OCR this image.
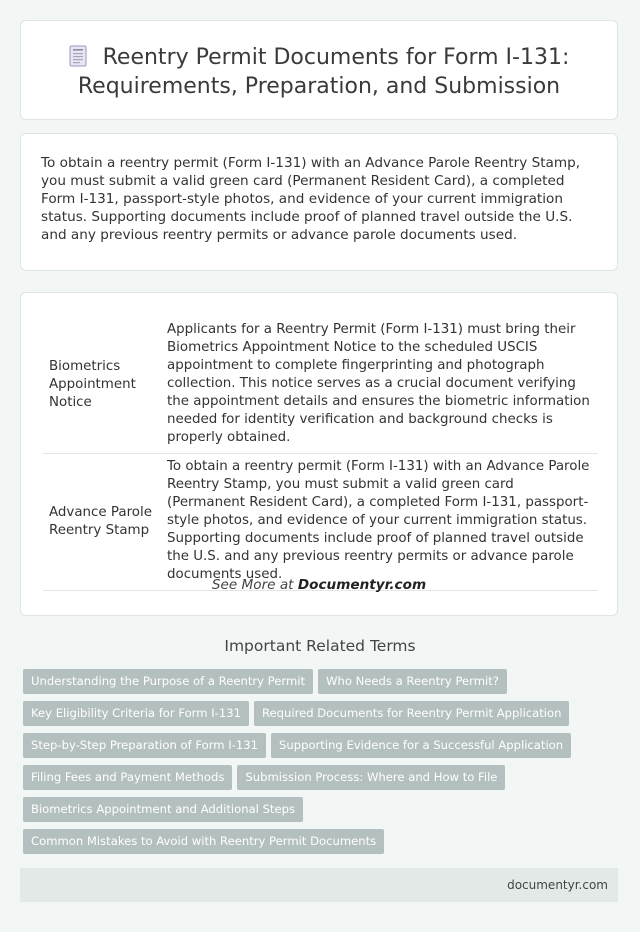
Reentry Permit Documents for Form I-131:
Requirements, Preparation, and Submission

To obtain a reentry permit (Form I-131) with an Advance Parole Reentry Stamp, you must submit a valid green card (Permanent Resident Card), a completed Form I-131, passport-style photos, and evidence of your current immigration status. Supporting documents include proof of planned travel outside the U.S. and any previous reentry permits or advance parole documents used.

Biometrics Appointment Notice	Applicants for a Reentry Permit (Form I-131) must bring their Biometrics Appointment Notice to the scheduled USCIS appointment to complete fingerprinting and photograph collection. This notice serves as a crucial document verifying the appointment details and ensures the biometric information needed for identity verification and background checks is properly obtained.
Advance Parole Reentry Stamp	To obtain a reentry permit (Form I-131) with an Advance Parole Reentry Stamp, you must submit a valid green card (Permanent Resident Card), a completed Form I-131, passport-style photos, and evidence of your current immigration status. Supporting documents include proof of planned travel outside the U.S. and any previous reentry permits or advance parole documents used.
See More at Documentyr.com
Important Related Terms
Understanding the Purpose of a Reentry Permit Who Needs a Reentry Permit?
Key Eligibility Criteria for Form I-131 Required Documents for Reentry Permit Application
Step-by-Step Preparation of Form I-131 Supporting Evidence for a Successful Application
Filing Fees and Payment Methods Submission Process: Where and How to File
Biometrics Appointment and Additional Steps
Common Mistakes to Avoid with Reentry Permit Documents
documentyr.com
